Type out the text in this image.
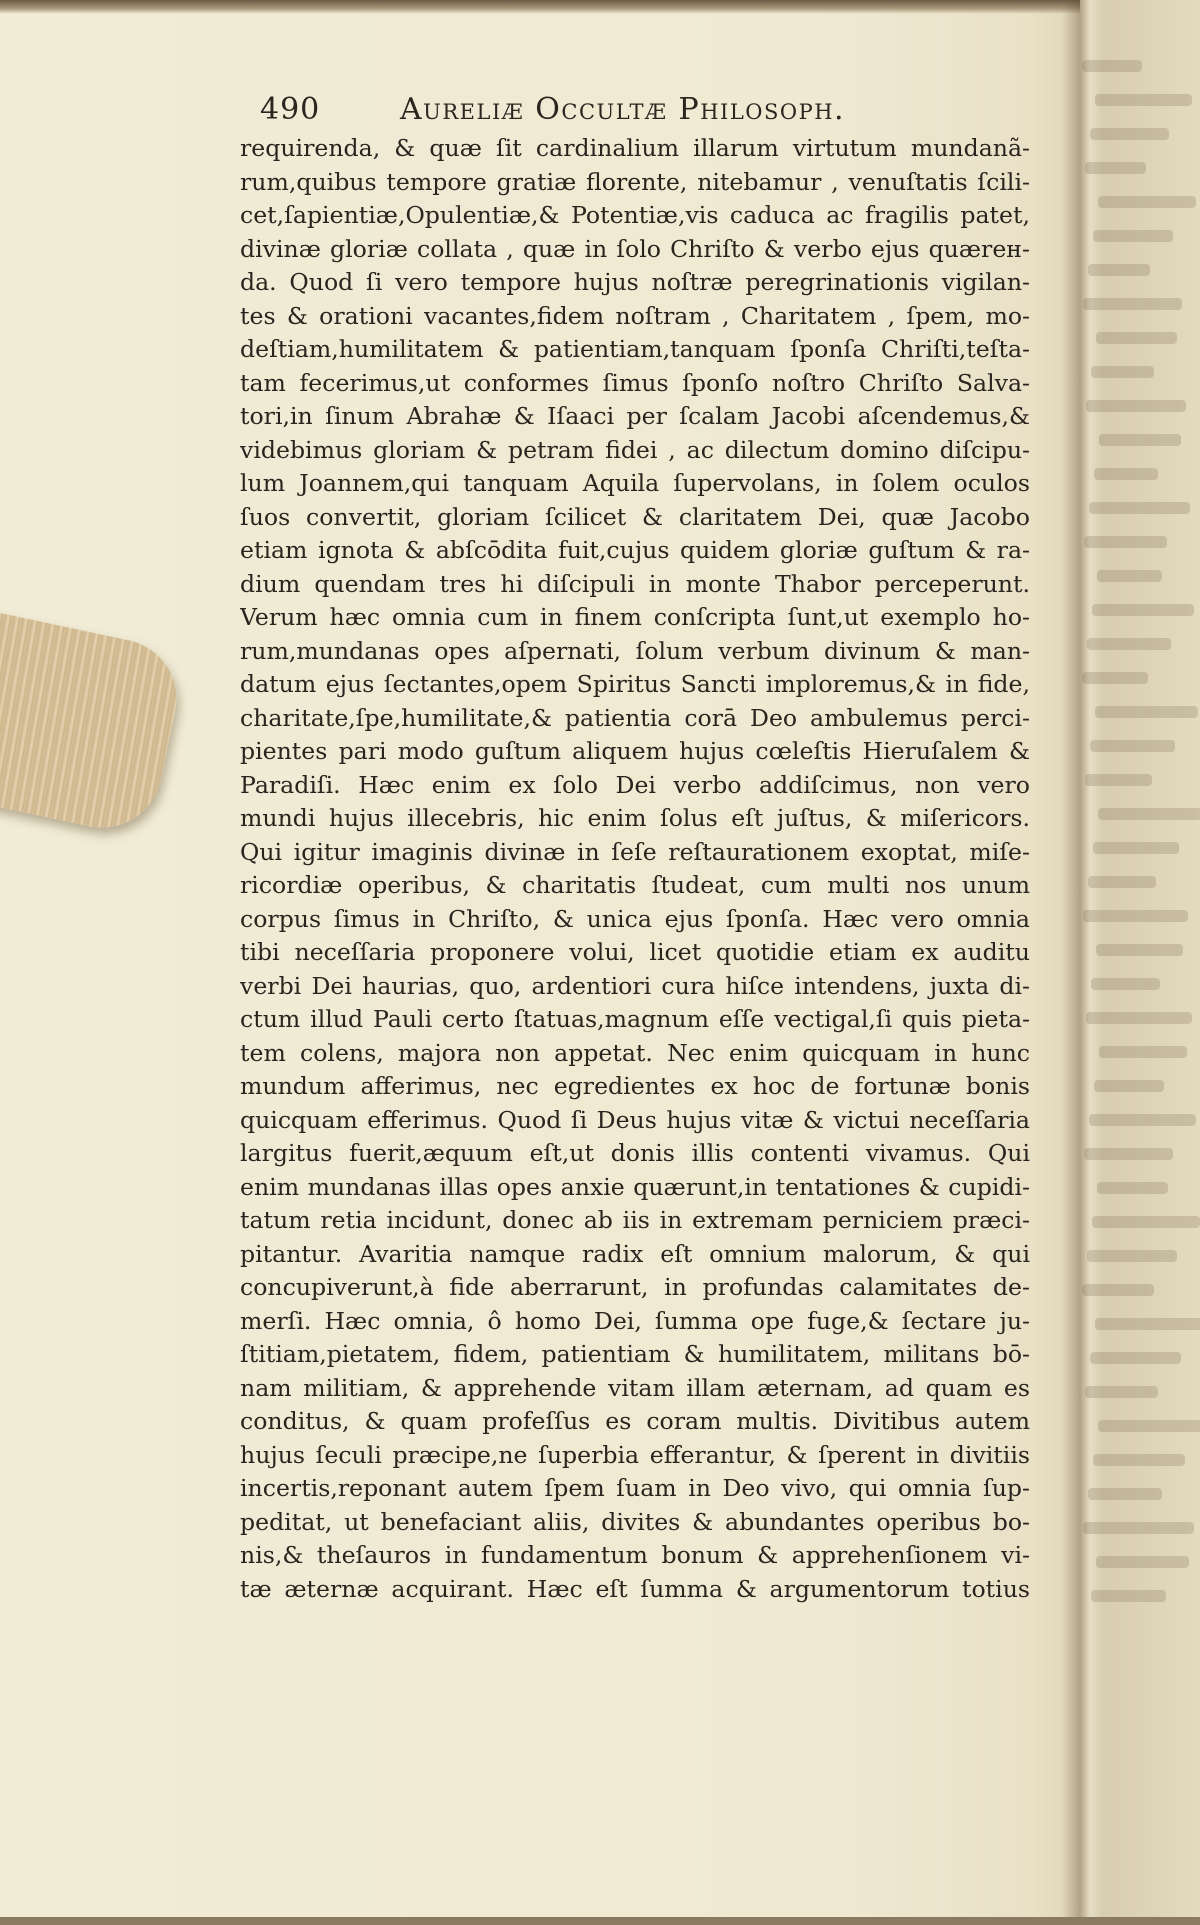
490	Aureliæ Occultæ Philosoph.
requirenda, & quæ ſit cardinalium illarum virtutum mundanã-
rum,quibus tempore gratiæ florente, nitebamur , venuſtatis ſcili-
cet,ſapientiæ,Opulentiæ,& Potentiæ,vis caduca ac fragilis patet,
divinæ gloriæ collata , quæ in ſolo Chriſto & verbo ejus quærен-
da. Quod ſi vero tempore hujus noſtræ peregrinationis vigilan-
tes & orationi vacantes,fidem noſtram , Charitatem , ſpem, mo-
deſtiam,humilitatem & patientiam,tanquam ſponſa Chriſti,teſta-
tam fecerimus,ut conformes ſimus ſponſo noſtro Chriſto Salva-
tori,in ſinum Abrahæ & Iſaaci per ſcalam Jacobi aſcendemus,&
videbimus gloriam & petram fidei , ac dilectum domino diſcipu-
lum Joannem,qui tanquam Aquila ſupervolans, in ſolem oculos
ſuos convertit, gloriam ſcilicet & claritatem Dei, quæ Jacobo
etiam ignota & abſcōdita fuit,cujus quidem gloriæ guſtum & ra-
dium quendam tres hi diſcipuli in monte Thabor perceperunt.
Verum hæc omnia cum in finem conſcripta ſunt,ut exemplo ho-
rum,mundanas opes aſpernati, ſolum verbum divinum & man-
datum ejus ſectantes,opem Spiritus Sancti imploremus,& in fide,
charitate,ſpe,humilitate,& patientia corā Deo ambulemus perci-
pientes pari modo guſtum aliquem hujus cœleſtis Hieruſalem &
Paradiſi. Hæc enim ex ſolo Dei verbo addiſcimus, non vero
mundi hujus illecebris, hic enim ſolus eſt juſtus, & miſericors.
Qui igitur imaginis divinæ in ſeſe reſtaurationem exoptat, miſe-
ricordiæ operibus, & charitatis ſtudeat, cum multi nos unum
corpus ſimus in Chriſto, & unica ejus ſponſa. Hæc vero omnia
tibi neceſſaria proponere volui, licet quotidie etiam ex auditu
verbi Dei haurias, quo, ardentiori cura hiſce intendens, juxta di-
ctum illud Pauli certo ſtatuas,magnum eſſe vectigal,ſi quis pieta-
tem colens, majora non appetat. Nec enim quicquam in hunc
mundum afferimus, nec egredientes ex hoc de fortunæ bonis
quicquam efferimus. Quod ſi Deus hujus vitæ & victui neceſſaria
largitus fuerit,æquum eſt,ut donis illis contenti vivamus. Qui
enim mundanas illas opes anxie quærunt,in tentationes & cupidi-
tatum retia incidunt, donec ab iis in extremam perniciem præci-
pitantur. Avaritia namque radix eſt omnium malorum, & qui
concupiverunt,à fide aberrarunt, in profundas calamitates de-
merſi. Hæc omnia, ô homo Dei, ſumma ope fuge,& ſectare ju-
ſtitiam,pietatem, fidem, patientiam & humilitatem, militans bō-
nam militiam, & apprehende vitam illam æternam, ad quam es
conditus, & quam profeſſus es coram multis. Divitibus autem
hujus ſeculi præcipe,ne ſuperbia efferantur, & ſperent in divitiis
incertis,reponant autem ſpem ſuam in Deo vivo, qui omnia ſup-
peditat, ut benefaciant aliis, divites & abundantes operibus bo-
nis,& theſauros in fundamentum bonum & apprehenſionem vi-
tæ æternæ acquirant. Hæc eſt ſumma & argumentorum totius
